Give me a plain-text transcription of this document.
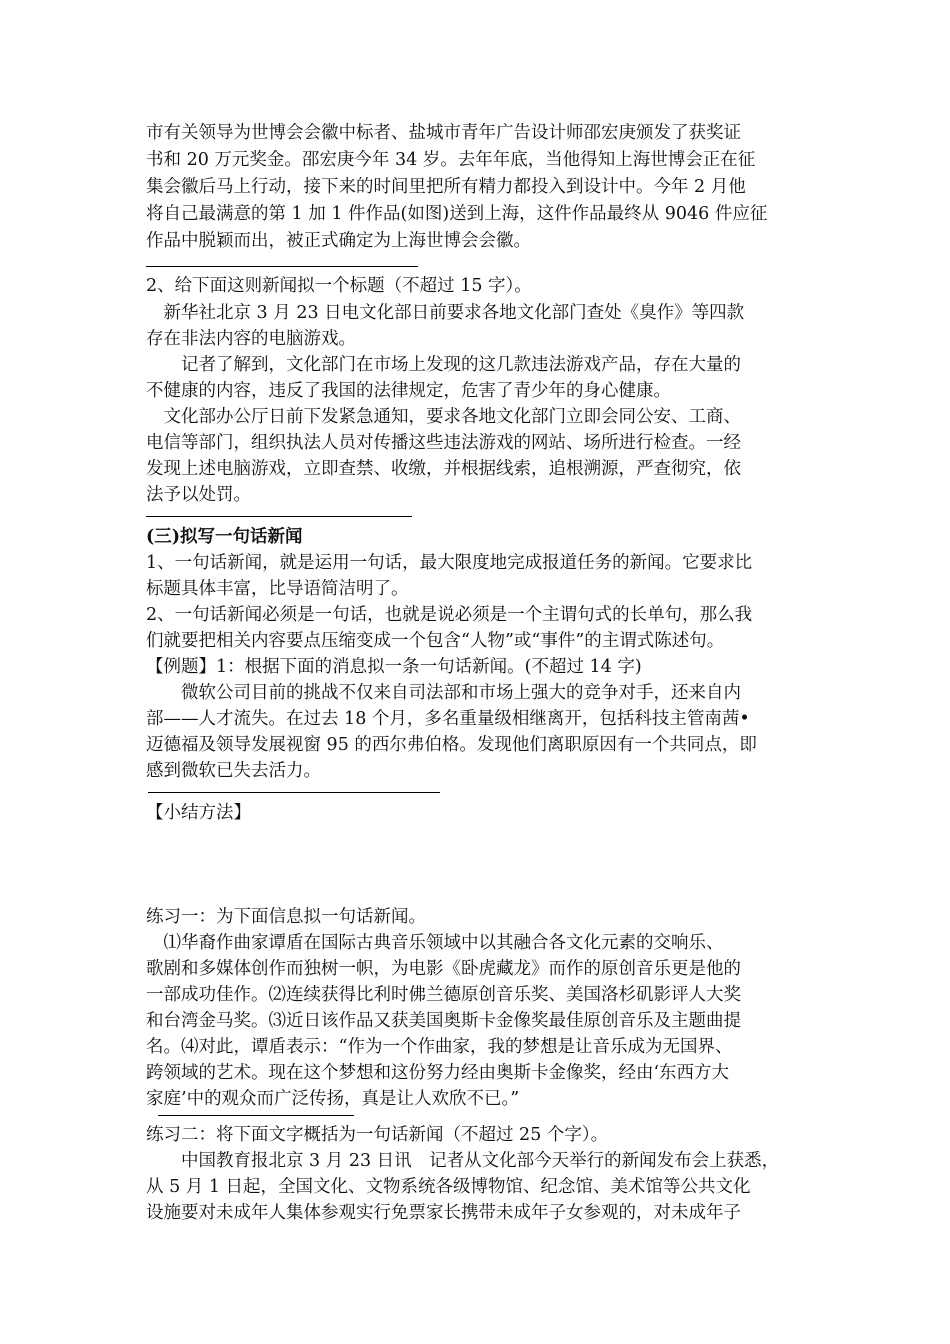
市有关领导为世博会会徽中标者、盐城市青年广告设计师邵宏庚颁发了获奖证
书和 20 万元奖金。邵宏庚今年 34 岁。去年年底，当他得知上海世博会正在征
集会徽后马上行动，接下来的时间里把所有精力都投入到设计中。今年 2 月他
将自己最满意的第 1 加 1 件作品(如图)送到上海，这件作品最终从 9046 件应征
作品中脱颖而出，被正式确定为上海世博会会徽。
2、给下面这则新闻拟一个标题（不超过 15 字）。
　新华社北京 3 月 23 日电文化部日前要求各地文化部门查处《臭作》等四款
存在非法内容的电脑游戏。
　　记者了解到，文化部门在市场上发现的这几款违法游戏产品，存在大量的
不健康的内容，违反了我国的法律规定，危害了青少年的身心健康。
　文化部办公厅日前下发紧急通知，要求各地文化部门立即会同公安、工商、
电信等部门，组织执法人员对传播这些违法游戏的网站、场所进行检查。一经
发现上述电脑游戏，立即查禁、收缴，并根据线索，追根溯源，严查彻究，依
法予以处罚。
(三)拟写一句话新闻
1、一句话新闻，就是运用一句话，最大限度地完成报道任务的新闻。它要求比
标题具体丰富，比导语简洁明了。
2、一句话新闻必须是一句话，也就是说必须是一个主谓句式的长单句，那么我
们就要把相关内容要点压缩变成一个包含“人物”或“事件”的主谓式陈述句。
【例题】1：根据下面的消息拟一条一句话新闻。(不超过 14 字)
　　微软公司目前的挑战不仅来自司法部和市场上强大的竞争对手，还来自内
部——人才流失。在过去 18 个月，多名重量级相继离开，包括科技主管南茜•
迈德福及领导发展视窗 95 的西尔弗伯格。发现他们离职原因有一个共同点，即
感到微软已失去活力。
【小结方法】
练习一：为下面信息拟一句话新闻。
　⑴华裔作曲家谭盾在国际古典音乐领域中以其融合各文化元素的交响乐、
歌剧和多媒体创作而独树一帜，为电影《卧虎藏龙》而作的原创音乐更是他的
一部成功佳作。⑵连续获得比利时佛兰德原创音乐奖、美国洛杉矶影评人大奖
和台湾金马奖。⑶近日该作品又获美国奥斯卡金像奖最佳原创音乐及主题曲提
名。⑷对此，谭盾表示：“作为一个作曲家，我的梦想是让音乐成为无国界、
跨领域的艺术。现在这个梦想和这份努力经由奥斯卡金像奖，经由‘东西方大
家庭’中的观众而广泛传扬，真是让人欢欣不已。”
练习二：将下面文字概括为一句话新闻（不超过 25 个字）。
　　中国教育报北京 3 月 23 日讯　记者从文化部今天举行的新闻发布会上获悉，
从 5 月 1 日起，全国文化、文物系统各级博物馆、纪念馆、美术馆等公共文化
设施要对未成年人集体参观实行免票家长携带未成年子女参观的，对未成年子
